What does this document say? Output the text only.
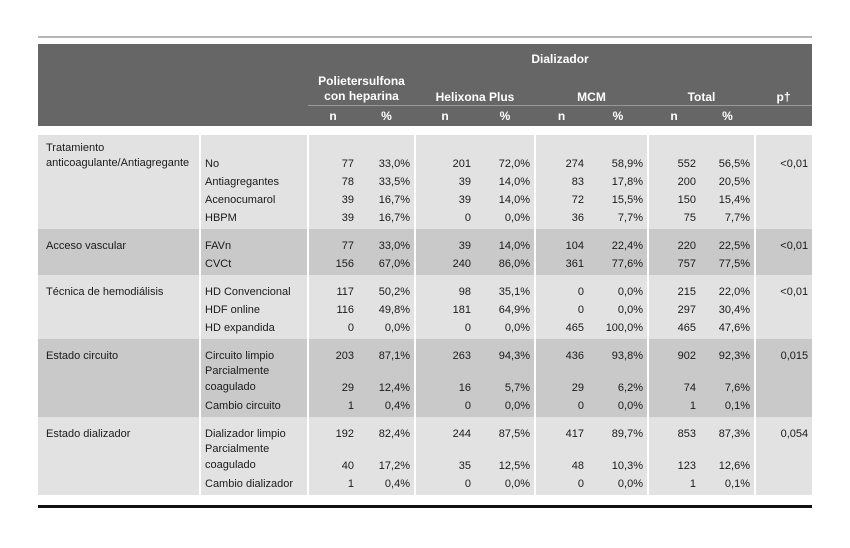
		Dializador								
		Polietersulfona con heparina		Helixona Plus		MCM		Total		p†
		n	%	n	%	n	%	n	%	

Tratamiento anticoagulante/Antiagregante	No	77	33,0%	201	72,0%	274	58,9%	552	56,5%	<0,01
	Antiagregantes	78	33,5%	39	14,0%	83	17,8%	200	20,5%	
	Acenocumarol	39	16,7%	39	14,0%	72	15,5%	150	15,4%	
	HBPM	39	16,7%	0	0,0%	36	7,7%	75	7,7%	
Acceso vascular	FAVn	77	33,0%	39	14,0%	104	22,4%	220	22,5%	<0,01
	CVCt	156	67,0%	240	86,0%	361	77,6%	757	77,5%	
Técnica de hemodiálisis	HD Convencional	117	50,2%	98	35,1%	0	0,0%	215	22,0%	<0,01
	HDF online	116	49,8%	181	64,9%	0	0,0%	297	30,4%	
	HD expandida	0	0,0%	0	0,0%	465	100,0%	465	47,6%	
Estado circuito	Circuito limpio	203	87,1%	263	94,3%	436	93,8%	902	92,3%	0,015
	Parcialmente coagulado	29	12,4%	16	5,7%	29	6,2%	74	7,6%	
	Cambio circuito	1	0,4%	0	0,0%	0	0,0%	1	0,1%	
Estado dializador	Dializador limpio	192	82,4%	244	87,5%	417	89,7%	853	87,3%	0,054
	Parcialmente coagulado	40	17,2%	35	12,5%	48	10,3%	123	12,6%	
	Cambio dializador	1	0,4%	0	0,0%	0	0,0%	1	0,1%	
